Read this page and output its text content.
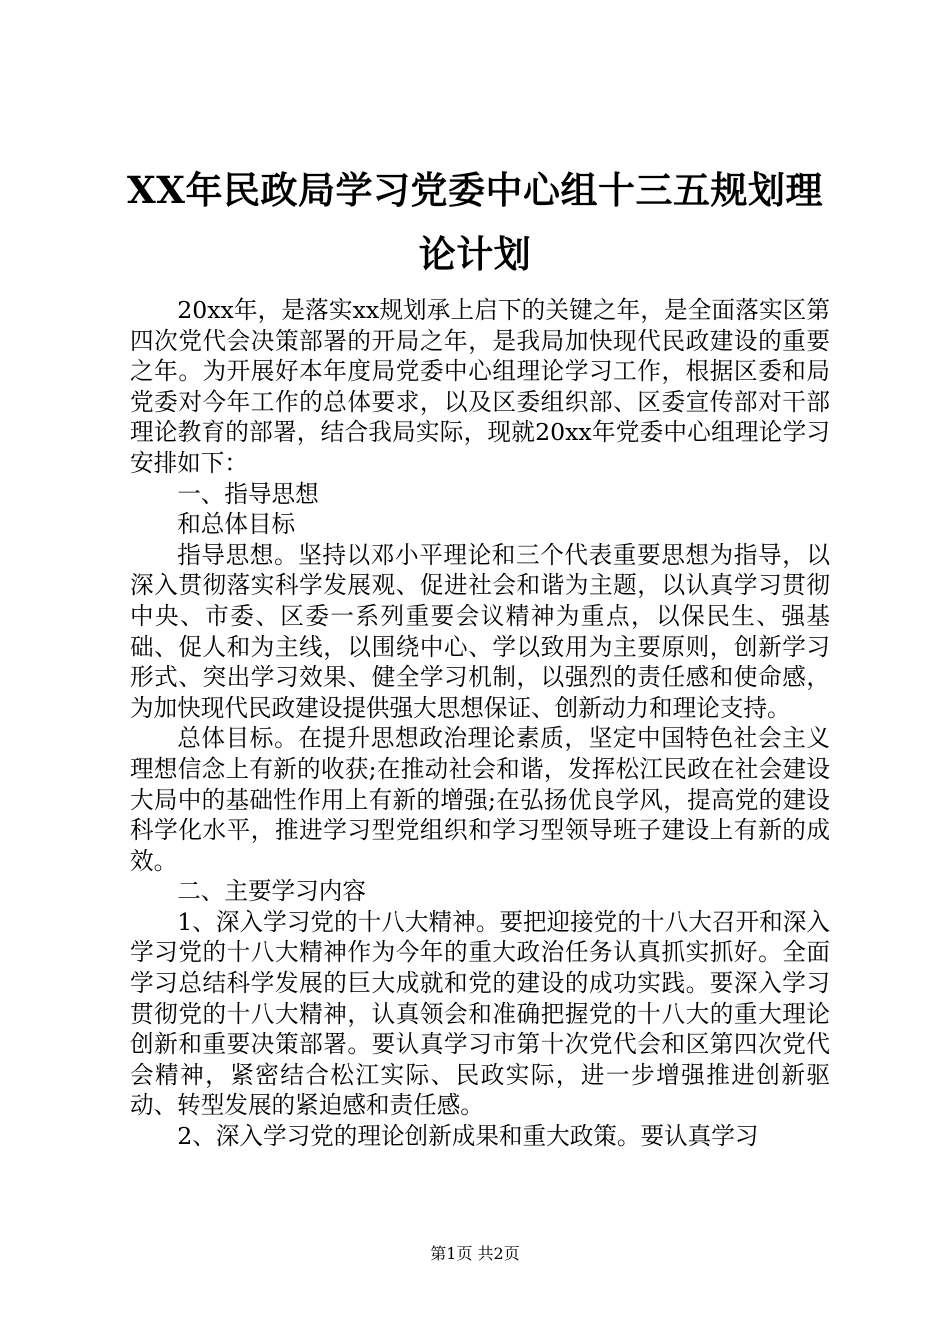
XX年民政局学习党委中心组十三五规划理论计划

20xx年，是落实xx规划承上启下的关键之年，是全面落实区第四次党代会决策部署的开局之年，是我局加快现代民政建设的重要之年。为开展好本年度局党委中心组理论学习工作，根据区委和局党委对今年工作的总体要求，以及区委组织部、区委宣传部对干部理论教育的部署，结合我局实际，现就20xx年党委中心组理论学习安排如下：

一、指导思想

和总体目标

指导思想。坚持以邓小平理论和三个代表重要思想为指导，以深入贯彻落实科学发展观、促进社会和谐为主题，以认真学习贯彻中央、市委、区委一系列重要会议精神为重点，以保民生、强基础、促人和为主线，以围绕中心、学以致用为主要原则，创新学习形式、突出学习效果、健全学习机制，以强烈的责任感和使命感，为加快现代民政建设提供强大思想保证、创新动力和理论支持。

总体目标。在提升思想政治理论素质，坚定中国特色社会主义理想信念上有新的收获;在推动社会和谐，发挥松江民政在社会建设大局中的基础性作用上有新的增强;在弘扬优良学风，提高党的建设科学化水平，推进学习型党组织和学习型领导班子建设上有新的成效。

二、主要学习内容

1、深入学习党的十八大精神。要把迎接党的十八大召开和深入学习党的十八大精神作为今年的重大政治任务认真抓实抓好。全面学习总结科学发展的巨大成就和党的建设的成功实践。要深入学习贯彻党的十八大精神，认真领会和准确把握党的十八大的重大理论创新和重要决策部署。要认真学习市第十次党代会和区第四次党代会精神，紧密结合松江实际、民政实际，进一步增强推进创新驱动、转型发展的紧迫感和责任感。

2、深入学习党的理论创新成果和重大政策。要认真学习

第1页 共2页
